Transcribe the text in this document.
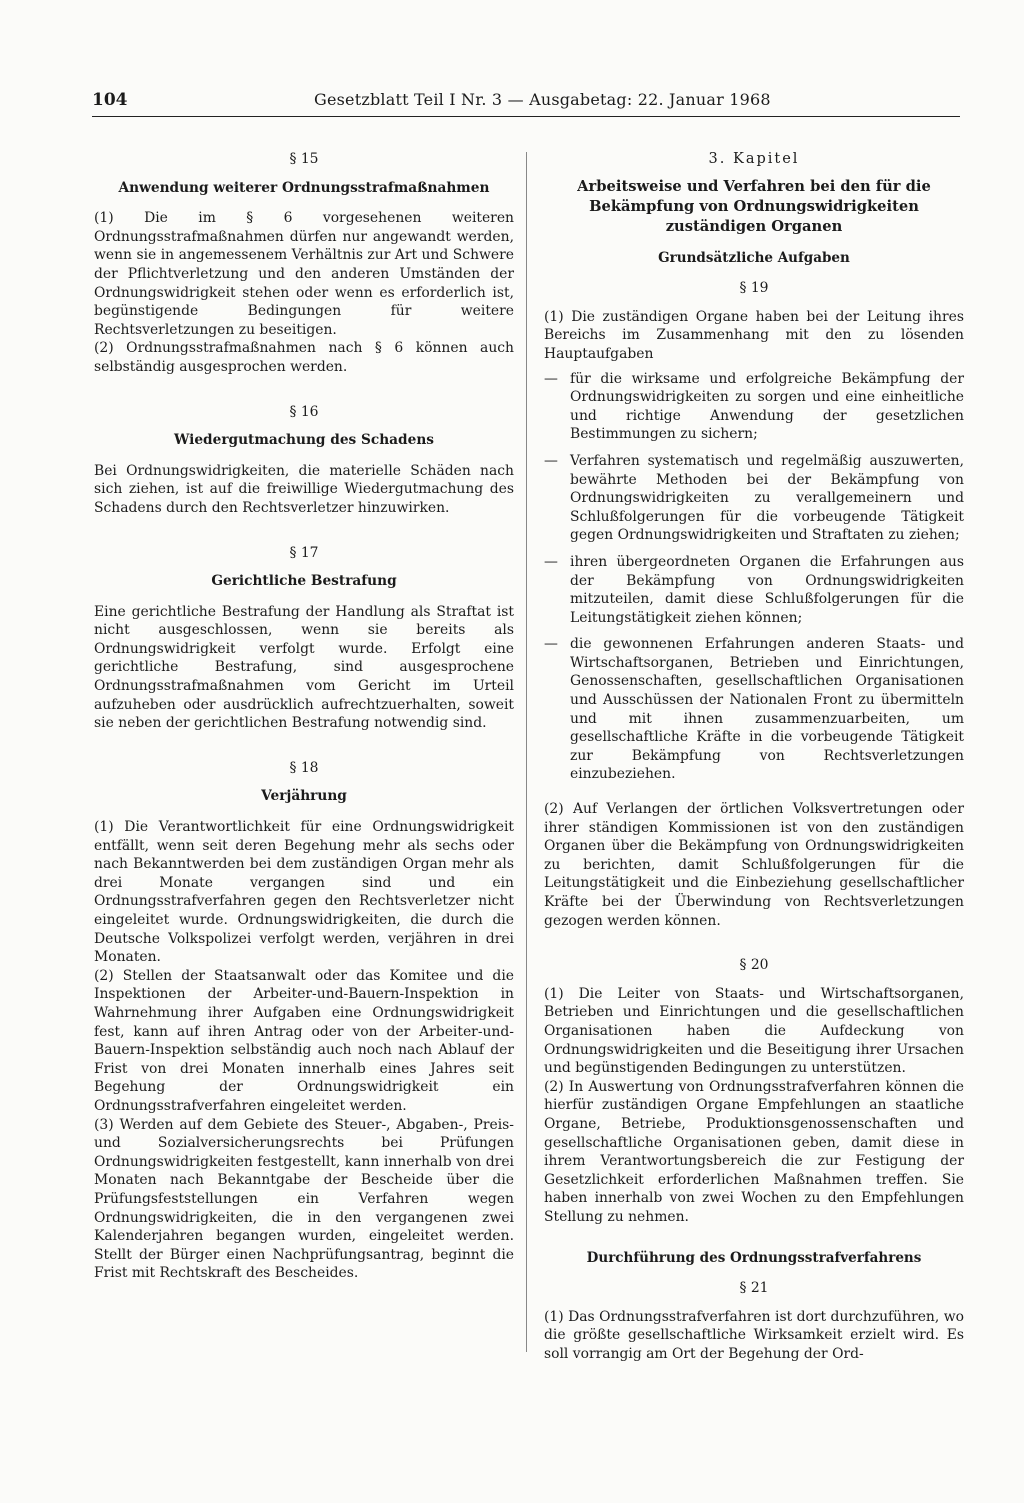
104	Gesetzblatt Teil I Nr. 3 — Ausgabetag: 22. Januar 1968
§ 15
Anwendung weiterer Ordnungsstrafmaßnahmen

(1) Die im § 6 vorgesehenen weiteren Ordnungsstrafmaßnahmen dürfen nur angewandt werden, wenn sie in angemessenem Verhältnis zur Art und Schwere der Pflichtverletzung und den anderen Umständen der Ordnungswidrigkeit stehen oder wenn es erforderlich ist, begünstigende Bedingungen für weitere Rechtsverletzungen zu beseitigen.

(2) Ordnungsstrafmaßnahmen nach § 6 können auch selbständig ausgesprochen werden.

§ 16
Wiedergutmachung des Schadens

Bei Ordnungswidrigkeiten, die materielle Schäden nach sich ziehen, ist auf die freiwillige Wiedergutmachung des Schadens durch den Rechtsverletzer hinzuwirken.

§ 17
Gerichtliche Bestrafung

Eine gerichtliche Bestrafung der Handlung als Straftat ist nicht ausgeschlossen, wenn sie bereits als Ordnungswidrigkeit verfolgt wurde. Erfolgt eine gerichtliche Bestrafung, sind ausgesprochene Ordnungsstrafmaßnahmen vom Gericht im Urteil aufzuheben oder ausdrücklich aufrechtzuerhalten, soweit sie neben der gerichtlichen Bestrafung notwendig sind.

§ 18
Verjährung

(1) Die Verantwortlichkeit für eine Ordnungswidrigkeit entfällt, wenn seit deren Begehung mehr als sechs oder nach Bekanntwerden bei dem zuständigen Organ mehr als drei Monate vergangen sind und ein Ordnungsstrafverfahren gegen den Rechtsverletzer nicht eingeleitet wurde. Ordnungswidrigkeiten, die durch die Deutsche Volkspolizei verfolgt werden, verjähren in drei Monaten.

(2) Stellen der Staatsanwalt oder das Komitee und die Inspektionen der Arbeiter-und-Bauern-Inspektion in Wahrnehmung ihrer Aufgaben eine Ordnungswidrigkeit fest, kann auf ihren Antrag oder von der Arbeiter-und-Bauern-Inspektion selbständig auch noch nach Ablauf der Frist von drei Monaten innerhalb eines Jahres seit Begehung der Ordnungswidrigkeit ein Ordnungsstrafverfahren eingeleitet werden.

(3) Werden auf dem Gebiete des Steuer-, Abgaben-, Preis- und Sozialversicherungsrechts bei Prüfungen Ordnungswidrigkeiten festgestellt, kann innerhalb von drei Monaten nach Bekanntgabe der Bescheide über die Prüfungsfeststellungen ein Verfahren wegen Ordnungswidrigkeiten, die in den vergangenen zwei Kalenderjahren begangen wurden, eingeleitet werden. Stellt der Bürger einen Nachprüfungsantrag, beginnt die Frist mit Rechtskraft des Bescheides.

3. Kapitel
Arbeitsweise und Verfahren bei den für die Bekämpfung von Ordnungswidrigkeiten zuständigen Organen
Grundsätzliche Aufgaben
§ 19

(1) Die zuständigen Organe haben bei der Leitung ihres Bereichs im Zusammenhang mit den zu lösenden Hauptaufgaben

— für die wirksame und erfolgreiche Bekämpfung der Ordnungswidrigkeiten zu sorgen und eine einheitliche und richtige Anwendung der gesetzlichen Bestimmungen zu sichern;
— Verfahren systematisch und regelmäßig auszuwerten, bewährte Methoden bei der Bekämpfung von Ordnungswidrigkeiten zu verallgemeinern und Schlußfolgerungen für die vorbeugende Tätigkeit gegen Ordnungswidrigkeiten und Straftaten zu ziehen;
— ihren übergeordneten Organen die Erfahrungen aus der Bekämpfung von Ordnungswidrigkeiten mitzuteilen, damit diese Schlußfolgerungen für die Leitungstätigkeit ziehen können;
— die gewonnenen Erfahrungen anderen Staats- und Wirtschaftsorganen, Betrieben und Einrichtungen, Genossenschaften, gesellschaftlichen Organisationen und Ausschüssen der Nationalen Front zu übermitteln und mit ihnen zusammenzuarbeiten, um gesellschaftliche Kräfte in die vorbeugende Tätigkeit zur Bekämpfung von Rechtsverletzungen einzubeziehen.

(2) Auf Verlangen der örtlichen Volksvertretungen oder ihrer ständigen Kommissionen ist von den zuständigen Organen über die Bekämpfung von Ordnungswidrigkeiten zu berichten, damit Schlußfolgerungen für die Leitungstätigkeit und die Einbeziehung gesellschaftlicher Kräfte bei der Überwindung von Rechtsverletzungen gezogen werden können.

§ 20

(1) Die Leiter von Staats- und Wirtschaftsorganen, Betrieben und Einrichtungen und die gesellschaftlichen Organisationen haben die Aufdeckung von Ordnungswidrigkeiten und die Beseitigung ihrer Ursachen und begünstigenden Bedingungen zu unterstützen.

(2) In Auswertung von Ordnungsstrafverfahren können die hierfür zuständigen Organe Empfehlungen an staatliche Organe, Betriebe, Produktionsgenossenschaften und gesellschaftliche Organisationen geben, damit diese in ihrem Verantwortungsbereich die zur Festigung der Gesetzlichkeit erforderlichen Maßnahmen treffen. Sie haben innerhalb von zwei Wochen zu den Empfehlungen Stellung zu nehmen.

Durchführung des Ordnungsstrafverfahrens
§ 21

(1) Das Ordnungsstrafverfahren ist dort durchzuführen, wo die größte gesellschaftliche Wirksamkeit erzielt wird. Es soll vorrangig am Ort der Begehung der Ord-
